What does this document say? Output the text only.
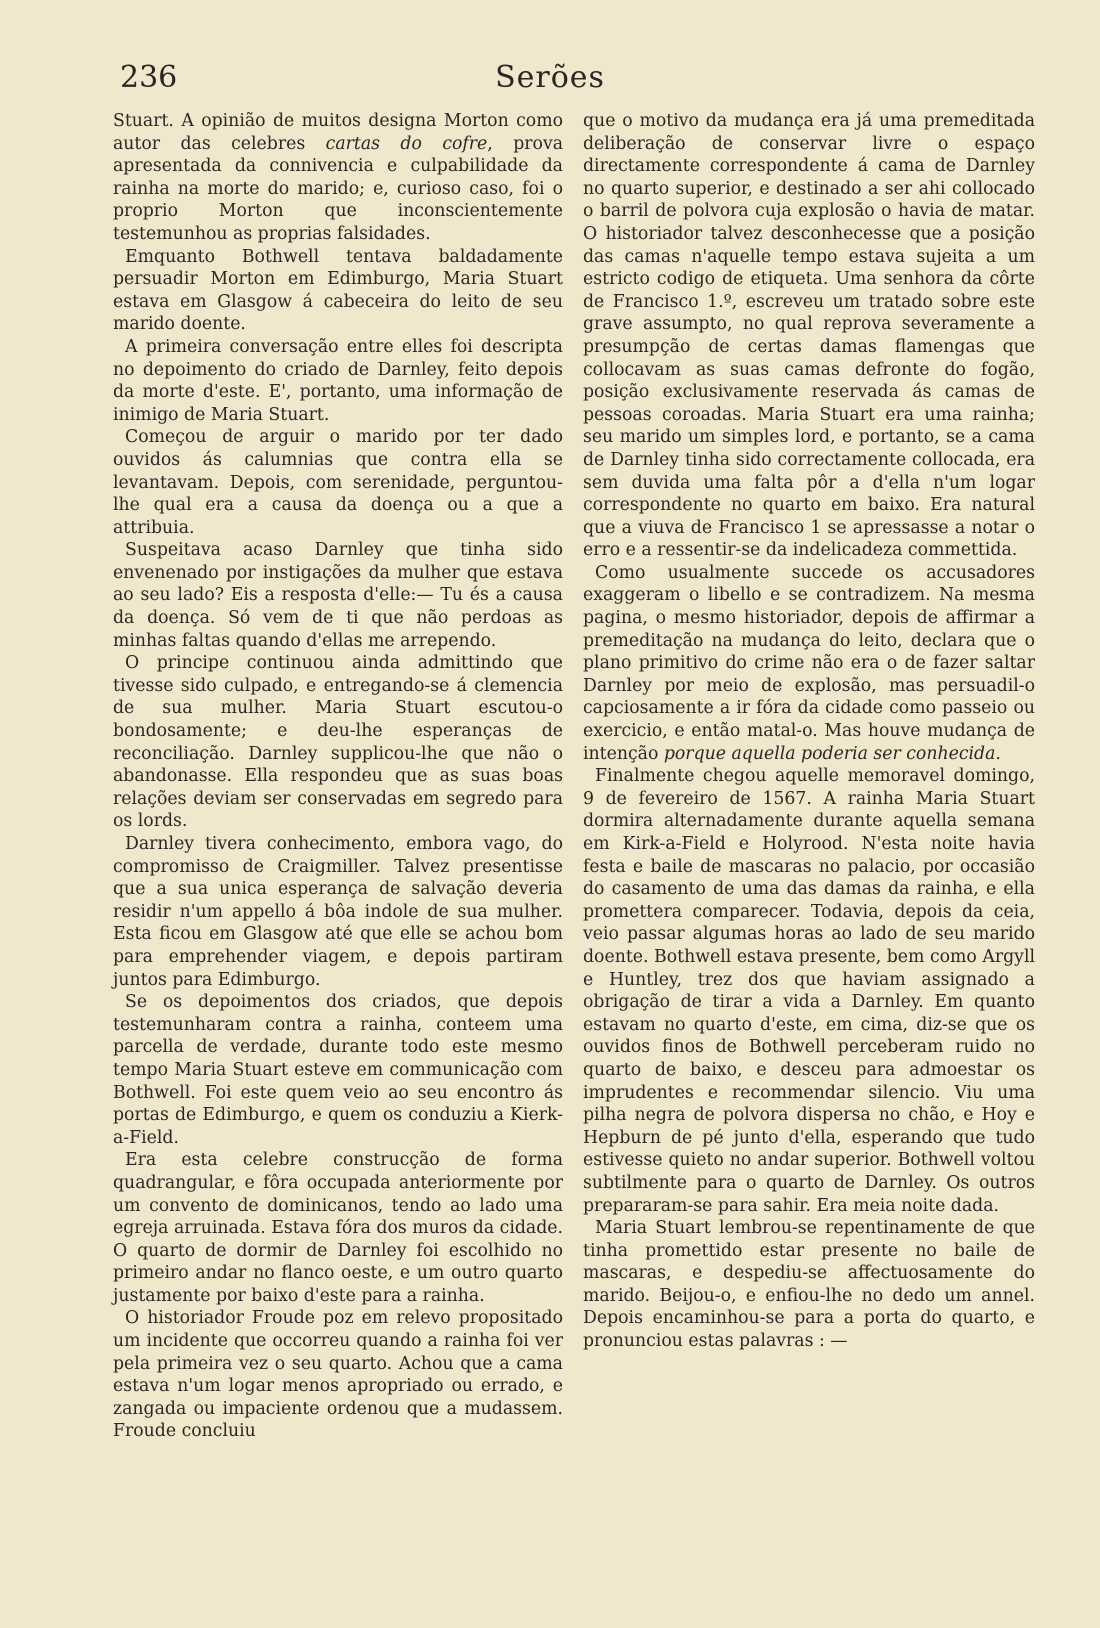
236	Serões

Stuart. A opinião de muitos designa Morton como autor das celebres cartas do cofre, prova apresentada da connivencia e culpabilidade da rainha na morte do marido; e, curioso caso, foi o proprio Morton que inconscientemente testemunhou as proprias falsidades.

Emquanto Bothwell tentava baldadamente persuadir Morton em Edimburgo, Maria Stuart estava em Glasgow á cabeceira do leito de seu marido doente.

A primeira conversação entre elles foi descripta no depoimento do criado de Darnley, feito depois da morte d'este. E', portanto, uma informação de inimigo de Maria Stuart.

Começou de arguir o marido por ter dado ouvidos ás calumnias que contra ella se levantavam. Depois, com serenidade, perguntou-lhe qual era a causa da doença ou a que a attribuia.

Suspeitava acaso Darnley que tinha sido envenenado por instigações da mulher que estava ao seu lado? Eis a resposta d'elle:— Tu és a causa da doença. Só vem de ti que não perdoas as minhas faltas quando d'ellas me arrependo.

O principe continuou ainda admittindo que tivesse sido culpado, e entregando-se á clemencia de sua mulher. Maria Stuart escutou-o bondosamente; e deu-lhe esperanças de reconciliação. Darnley supplicou-lhe que não o abandonasse. Ella respondeu que as suas boas relações deviam ser conservadas em segredo para os lords.

Darnley tivera conhecimento, embora vago, do compromisso de Craigmiller. Talvez presentisse que a sua unica esperança de salvação deveria residir n'um appello á bôa indole de sua mulher. Esta ficou em Glasgow até que elle se achou bom para emprehender viagem, e depois partiram juntos para Edimburgo.

Se os depoimentos dos criados, que depois testemunharam contra a rainha, conteem uma parcella de verdade, durante todo este mesmo tempo Maria Stuart esteve em communicação com Bothwell. Foi este quem veio ao seu encontro ás portas de Edimburgo, e quem os conduziu a Kierk-a-Field.

Era esta celebre construcção de forma quadrangular, e fôra occupada anteriormente por um convento de dominicanos, tendo ao lado uma egreja arruinada. Estava fóra dos muros da cidade. O quarto de dormir de Darnley foi escolhido no primeiro andar no flanco oeste, e um outro quarto justamente por baixo d'este para a rainha.

O historiador Froude poz em relevo propositado um incidente que occorreu quando a rainha foi ver pela primeira vez o seu quarto. Achou que a cama estava n'um logar menos apropriado ou errado, e zangada ou impaciente ordenou que a mudassem. Froude concluiu

que o motivo da mudança era já uma premeditada deliberação de conservar livre o espaço directamente correspondente á cama de Darnley no quarto superior, e destinado a ser ahi collocado o barril de polvora cuja explosão o havia de matar. O historiador talvez desconhecesse que a posição das camas n'aquelle tempo estava sujeita a um estricto codigo de etiqueta. Uma senhora da côrte de Francisco 1.º, escreveu um tratado sobre este grave assumpto, no qual reprova severamente a presumpção de certas damas flamengas que collocavam as suas camas defronte do fogão, posição exclusivamente reservada ás camas de pessoas coroadas. Maria Stuart era uma rainha; seu marido um simples lord, e portanto, se a cama de Darnley tinha sido correctamente collocada, era sem duvida uma falta pôr a d'ella n'um logar correspondente no quarto em baixo. Era natural que a viuva de Francisco 1 se apressasse a notar o erro e a ressentir-se da indelicadeza commettida.

Como usualmente succede os accusadores exaggeram o libello e se contradizem. Na mesma pagina, o mesmo historiador, depois de affirmar a premeditação na mudança do leito, declara que o plano primitivo do crime não era o de fazer saltar Darnley por meio de explosão, mas persuadil-o capciosamente a ir fóra da cidade como passeio ou exercicio, e então matal-o. Mas houve mudança de intenção porque aquella poderia ser conhecida.

Finalmente chegou aquelle memoravel domingo, 9 de fevereiro de 1567. A rainha Maria Stuart dormira alternadamente durante aquella semana em Kirk-a-Field e Holyrood. N'esta noite havia festa e baile de mascaras no palacio, por occasião do casamento de uma das damas da rainha, e ella promettera comparecer. Todavia, depois da ceia, veio passar algumas horas ao lado de seu marido doente. Bothwell estava presente, bem como Argyll e Huntley, trez dos que haviam assignado a obrigação de tirar a vida a Darnley. Em quanto estavam no quarto d'este, em cima, diz-se que os ouvidos finos de Bothwell perceberam ruido no quarto de baixo, e desceu para admoestar os imprudentes e recommendar silencio. Viu uma pilha negra de polvora dispersa no chão, e Hoy e Hepburn de pé junto d'ella, esperando que tudo estivesse quieto no andar superior. Bothwell voltou subtilmente para o quarto de Darnley. Os outros prepararam-se para sahir. Era meia noite dada.

Maria Stuart lembrou-se repentinamente de que tinha promettido estar presente no baile de mascaras, e despediu-se affectuosamente do marido. Beijou-o, e enfiou-lhe no dedo um annel. Depois encaminhou-se para a porta do quarto, e pronunciou estas palavras : —
